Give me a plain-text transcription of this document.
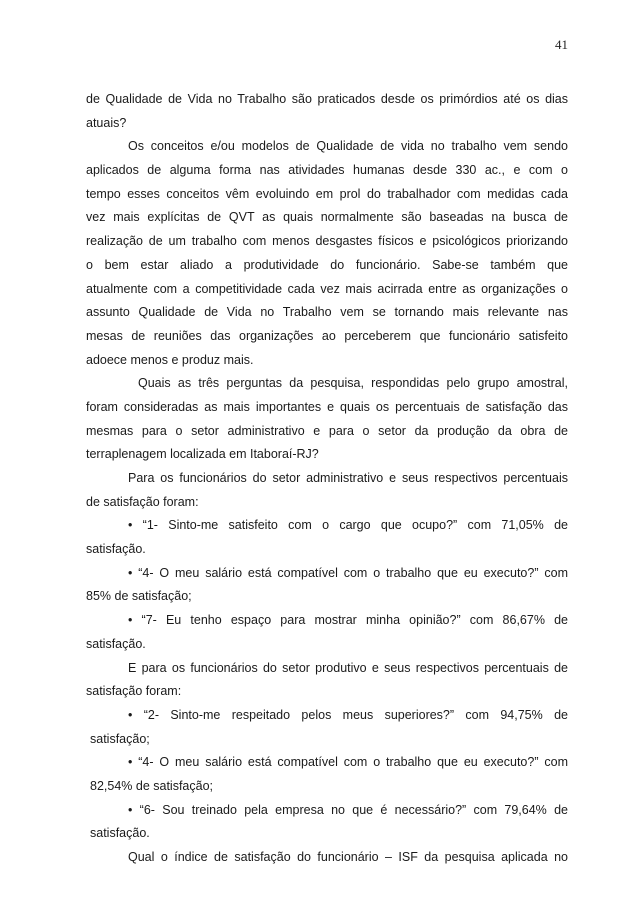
41

de Qualidade de Vida no Trabalho são praticados desde os primórdios até os dias
atuais?
Os conceitos e/ou modelos de Qualidade de vida no trabalho vem sendo
aplicados de alguma forma nas atividades humanas desde 330 ac., e com o
tempo esses conceitos vêm evoluindo em prol do trabalhador com medidas cada
vez mais explícitas de QVT as quais normalmente são baseadas na busca de
realização de um trabalho com menos desgastes físicos e psicológicos priorizando
o bem estar aliado a produtividade do funcionário. Sabe-se também que
atualmente com a competitividade cada vez mais acirrada entre as organizações o
assunto Qualidade de Vida no Trabalho vem se tornando mais relevante nas
mesas de reuniões das organizações ao perceberem que funcionário satisfeito
adoece menos e produz mais.
Quais as três perguntas da pesquisa, respondidas pelo grupo amostral,
foram consideradas as mais importantes e quais os percentuais de satisfação das
mesmas para o setor administrativo e para o setor da produção da obra de
terraplenagem localizada em Itaboraí-RJ?
Para os funcionários do setor administrativo e seus respectivos percentuais
de satisfação foram:
• “1- Sinto-me satisfeito com o cargo que ocupo?” com 71,05% de
satisfação.
• “4- O meu salário está compatível com o trabalho que eu executo?” com
85% de satisfação;
• “7- Eu tenho espaço para mostrar minha opinião?” com 86,67% de
satisfação.
E para os funcionários do setor produtivo e seus respectivos percentuais de
satisfação foram:
• “2- Sinto-me respeitado pelos meus superiores?” com 94,75% de
satisfação;
• “4- O meu salário está compatível com o trabalho que eu executo?” com
82,54% de satisfação;
• “6- Sou treinado pela empresa no que é necessário?” com 79,64% de
satisfação.
Qual o índice de satisfação do funcionário – ISF da pesquisa aplicada no
